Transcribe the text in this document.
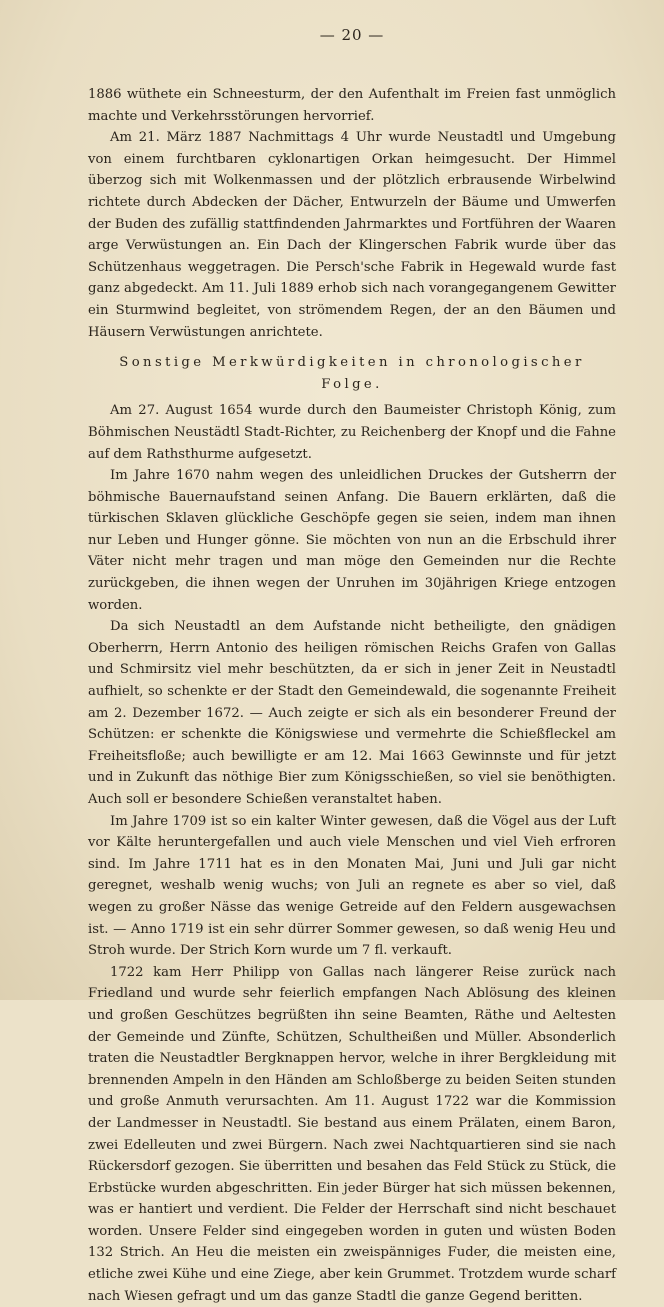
— 20 —

1886 wüthete ein Schneesturm, der den Aufenthalt im Freien fast unmöglich machte und Verkehrsstörungen hervorrief.

Am 21. März 1887 Nachmittags 4 Uhr wurde Neustadtl und Umgebung von einem furchtbaren cyklonartigen Orkan heimgesucht. Der Himmel überzog sich mit Wolkenmassen und der plötzlich erbrausende Wirbelwind richtete durch Abdecken der Dächer, Entwurzeln der Bäume und Umwerfen der Buden des zufällig stattfindenden Jahrmarktes und Fortführen der Waaren arge Verwüstungen an. Ein Dach der Klingerschen Fabrik wurde über das Schützenhaus weggetragen. Die Persch'sche Fabrik in Hegewald wurde fast ganz abgedeckt. Am 11. Juli 1889 erhob sich nach vorangegangenem Gewitter ein Sturmwind begleitet, von strömendem Regen, der an den Bäumen und Häusern Verwüstungen anrichtete.

Sonstige Merkwürdigkeiten in chronologischer Folge.

Am 27. August 1654 wurde durch den Baumeister Christoph König, zum Böhmischen Neustädtl Stadt-Richter, zu Reichenberg der Knopf und die Fahne auf dem Rathsthurme aufgesetzt.

Im Jahre 1670 nahm wegen des unleidlichen Druckes der Gutsherrn der böhmische Bauernaufstand seinen Anfang. Die Bauern erklärten, daß die türkischen Sklaven glückliche Geschöpfe gegen sie seien, indem man ihnen nur Leben und Hunger gönne. Sie möchten von nun an die Erbschuld ihrer Väter nicht mehr tragen und man möge den Gemeinden nur die Rechte zurückgeben, die ihnen wegen der Unruhen im 30jährigen Kriege entzogen worden.

Da sich Neustadtl an dem Aufstande nicht betheiligte, den gnädigen Oberherrn, Herrn Antonio des heiligen römischen Reichs Grafen von Gallas und Schmirsitz viel mehr beschützten, da er sich in jener Zeit in Neustadtl aufhielt, so schenkte er der Stadt den Gemeindewald, die sogenannte Freiheit am 2. Dezember 1672. — Auch zeigte er sich als ein besonderer Freund der Schützen: er schenkte die Königswiese und vermehrte die Schießfleckel am Freiheitsfloße; auch bewilligte er am 12. Mai 1663 Gewinnste und für jetzt und in Zukunft das nöthige Bier zum Königsschießen, so viel sie benöthigten. Auch soll er besondere Schießen veranstaltet haben.

Im Jahre 1709 ist so ein kalter Winter gewesen, daß die Vögel aus der Luft vor Kälte heruntergefallen und auch viele Menschen und viel Vieh erfroren sind. Im Jahre 1711 hat es in den Monaten Mai, Juni und Juli gar nicht geregnet, weshalb wenig wuchs; von Juli an regnete es aber so viel, daß wegen zu großer Nässe das wenige Getreide auf den Feldern ausgewachsen ist. — Anno 1719 ist ein sehr dürrer Sommer gewesen, so daß wenig Heu und Stroh wurde. Der Strich Korn wurde um 7 fl. verkauft.

1722 kam Herr Philipp von Gallas nach längerer Reise zurück nach Friedland und wurde sehr feierlich empfangen Nach Ablösung des kleinen und großen Geschützes begrüßten ihn seine Beamten, Räthe und Aeltesten der Gemeinde und Zünfte, Schützen, Schultheißen und Müller. Absonderlich traten die Neustadtler Bergknappen hervor, welche in ihrer Bergkleidung mit brennenden Ampeln in den Händen am Schloßberge zu beiden Seiten stunden und große Anmuth verursachten. Am 11. August 1722 war die Kommission der Landmesser in Neustadtl. Sie bestand aus einem Prälaten, einem Baron, zwei Edelleuten und zwei Bürgern. Nach zwei Nachtquartieren sind sie nach Rückersdorf gezogen. Sie überritten und besahen das Feld Stück zu Stück, die Erbstücke wurden abgeschritten. Ein jeder Bürger hat sich müssen bekennen, was er hantiert und verdient. Die Felder der Herrschaft sind nicht beschauet worden. Unsere Felder sind eingegeben worden in guten und wüsten Boden 132 Strich. An Heu die meisten ein zweispänniges Fuder, die meisten eine, etliche zwei Kühe und eine Ziege, aber kein Grummet. Trotzdem wurde scharf nach Wiesen gefragt und um das ganze Stadtl die ganze Gegend beritten.
